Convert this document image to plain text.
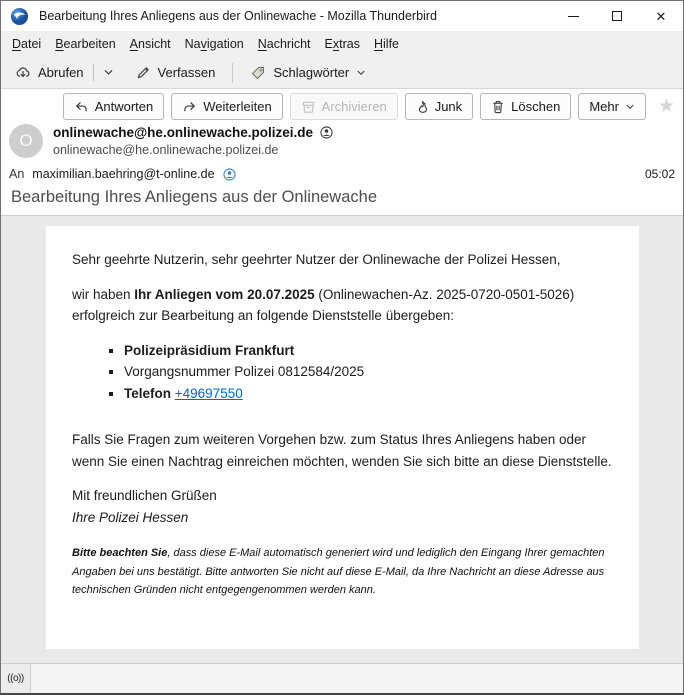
Bearbeitung Ihres Anliegens aus der Onlinewache - Mozilla Thunderbird	✕
Datei	Bearbeiten	Ansicht	Navigation	Nachricht	Extras	Hilfe
Abrufen	Verfassen	Schlagwörter
Antworten	Weiterleiten	Archivieren	Junk	Löschen Mehr ★
O onlinewache@he.onlinewache.polizei.de
onlinewache@he.onlinewache.polizei.de
An maximilian.baehring@t-online.de	05:02
Bearbeitung Ihres Anliegens aus der Onlinewache

Sehr geehrte Nutzerin, sehr geehrter Nutzer der Onlinewache der Polizei Hessen,

wir haben Ihr Anliegen vom 20.07.2025 (Onlinewachen-Az. 2025-0720-0501-5026) erfolgreich zur Bearbeitung an folgende Dienststelle übergeben:

▪ Polizeipräsidium Frankfurt
▪ Vorgangsnummer Polizei 0812584/2025
▪ Telefon +49697550

Falls Sie Fragen zum weiteren Vorgehen bzw. zum Status Ihres Anliegens haben oder wenn Sie einen Nachtrag einreichen möchten, wenden Sie sich bitte an diese Dienststelle.

Mit freundlichen Grüßen
Ihre Polizei Hessen

Bitte beachten Sie, dass diese E-Mail automatisch generiert wird und lediglich den Eingang Ihrer gemachten Angaben bei uns bestätigt. Bitte antworten Sie nicht auf diese E-Mail, da Ihre Nachricht an diese Adresse aus technischen Gründen nicht entgegengenommen werden kann.

((o))
